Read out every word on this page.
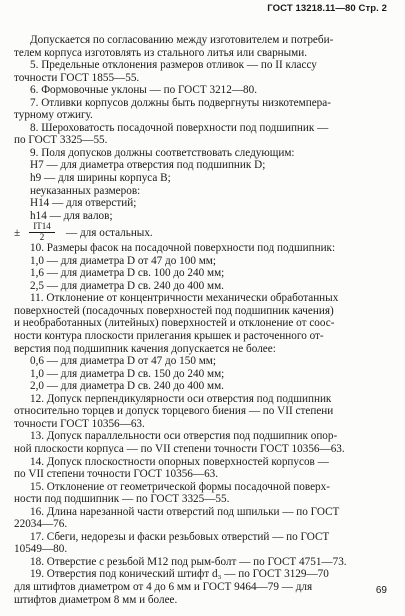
ГОСТ 13218.11—80 Стр. 2
Допускается по согласованию между изготовителем и потреби-
телем корпуса изготовлять из стального литья или сварными.
5. Предельные отклонения размеров отливок — по II классу
точности ГОСТ 1855—55.
6. Формовочные уклоны — по ГОСТ 3212—80.
7. Отливки корпусов должны быть подвергнуты низкотемпера-
турному отжигу.
8. Шероховатость посадочной поверхности под подшипник —
по ГОСТ 3325—55.
9. Поля допусков должны соответствовать следующим:
Н7 — для диаметра отверстия под подшипник D;
h9 — для ширины корпуса В;
неуказанных размеров:
Н14 — для отверстий;
h14 — для валов;
±
IT14
2	— для остальных.
10. Размеры фасок на посадочной поверхности под подшипник:
1,0 — для диаметра D от 47 до 100 мм;
1,6 — для диаметра D св. 100 до 240 мм;
2,5 — для диаметра D св. 240 до 400 мм.
11. Отклонение от концентричности механически обработанных
поверхностей (посадочных поверхностей под подшипник качения)
и необработанных (литейных) поверхностей и отклонение от соос-
ности контура плоскости прилегания крышек и расточенного от-
верстия под подшипник качения допускается не более:
0,6 — для диаметра D от 47 до 150 мм;
1,0 — для диаметра D св. 150 до 240 мм;
2,0 — для диаметра D св. 240 до 400 мм.
12. Допуск перпендикулярности оси отверстия под подшипник
относительно торцев и допуск торцевого биения — по VII степени
точности ГОСТ 10356—63.
13. Допуск параллельности оси отверстия под подшипник опор-
ной плоскости корпуса — по VII степени точности ГОСТ 10356—63.
14. Допуск плоскостности опорных поверхностей корпусов —
по VII степени точности ГОСТ 10356—63.
15. Отклонение от геометрической формы посадочной поверх-
ности под подшипник — по ГОСТ 3325—55.
16. Длина нарезанной части отверстий под шпильки — по ГОСТ
22034—76.
17. Сбеги, недорезы и фаски резьбовых отверстий — по ГОСТ
10549—80.
18. Отверстие с резьбой М12 под рым-болт — по ГОСТ 4751—73.
19. Отверстия под конический штифт d₃ — по ГОСТ 3129—70
для штифтов диаметром от 4 до 6 мм и ГОСТ 9464—79 — для
штифтов диаметром 8 мм и более.
69
